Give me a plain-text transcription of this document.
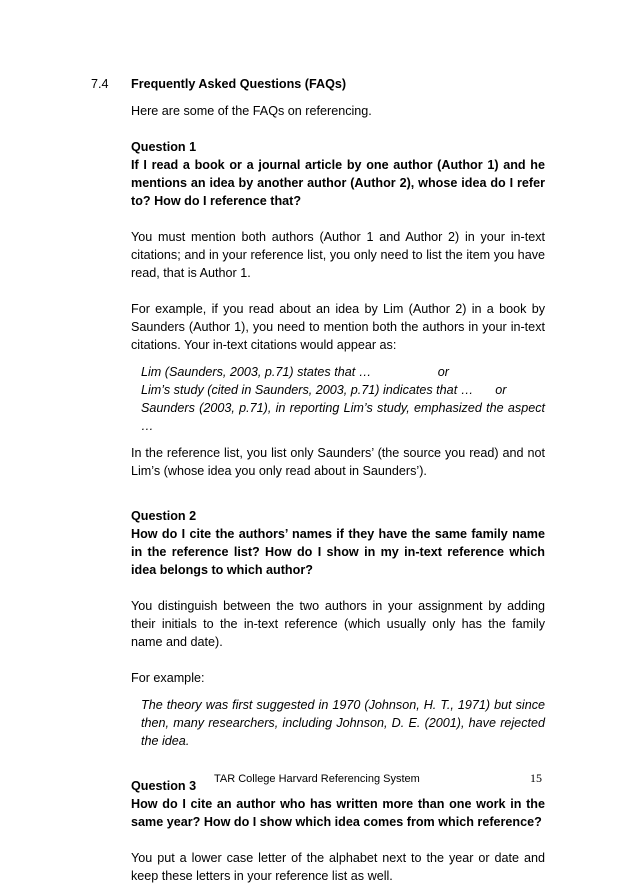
7.4 Frequently Asked Questions (FAQs)

Here are some of the FAQs on referencing.

Question 1

If I read a book or a journal article by one author (Author 1) and he mentions an idea by another author (Author 2), whose idea do I refer to? How do I reference that?

You must mention both authors (Author 1 and Author 2) in your in-text citations; and in your reference list, you only need to list the item you have read, that is Author 1.

For example, if you read about an idea by Lim (Author 2) in a book by Saunders (Author 1), you need to mention both the authors in your in-text citations. Your in-text citations would appear as:

Lim (Saunders, 2003, p.71) states that …	or
Lim’s study (cited in Saunders, 2003, p.71) indicates that … or

Saunders (2003, p.71), in reporting Lim’s study, emphasized the aspect …

In the reference list, you list only Saunders’ (the source you read) and not Lim’s (whose idea you only read about in Saunders’).

Question 2

How do I cite the authors’ names if they have the same family name in the reference list? How do I show in my in-text reference which idea belongs to which author?

You distinguish between the two authors in your assignment by adding their initials to the in-text reference (which usually only has the family name and date).

For example:

The theory was first suggested in 1970 (Johnson, H. T., 1971) but since then, many researchers, including Johnson, D. E. (2001), have rejected the idea.

Question 3

How do I cite an author who has written more than one work in the same year? How do I show which idea comes from which reference?

You put a lower case letter of the alphabet next to the year or date and keep these letters in your reference list as well.

TAR College Harvard Referencing System	15
